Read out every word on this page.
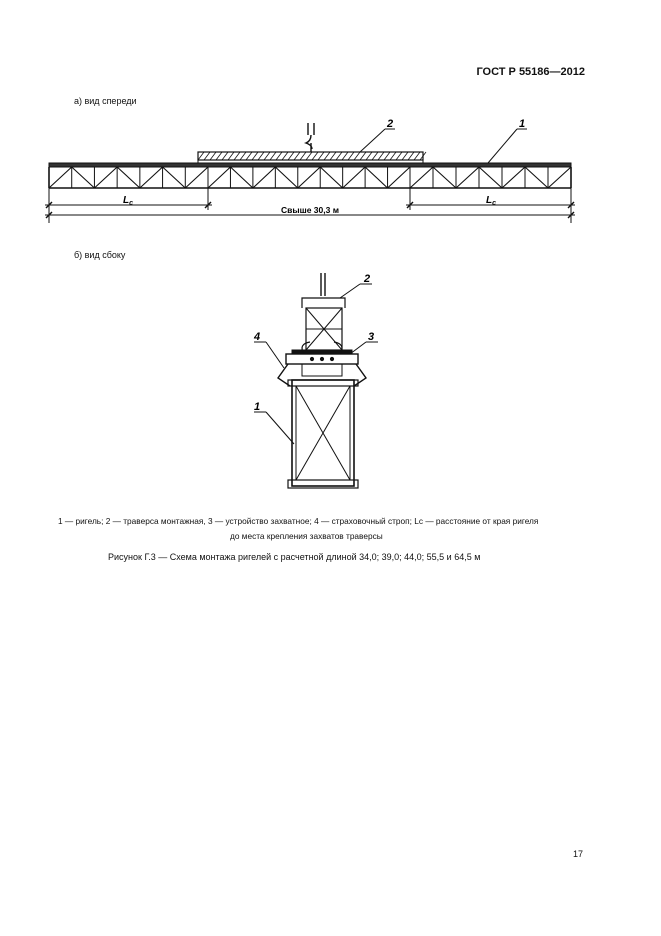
ГОСТ Р 55186—2012
а) вид спереди
2	1
$L_c$	$L_c$
Свыше 30,3 м
б) вид сбоку
2
3
4
1
1 — ригель; 2 — траверса монтажная, 3 — устройство захватное; 4 — страховочный строп; Lc — расстояние от края ригеля
до места крепления захватов траверсы
Рисунок Г.3 — Схема монтажа ригелей с расчетной длиной 34,0; 39,0; 44,0; 55,5 и 64,5 м
17
